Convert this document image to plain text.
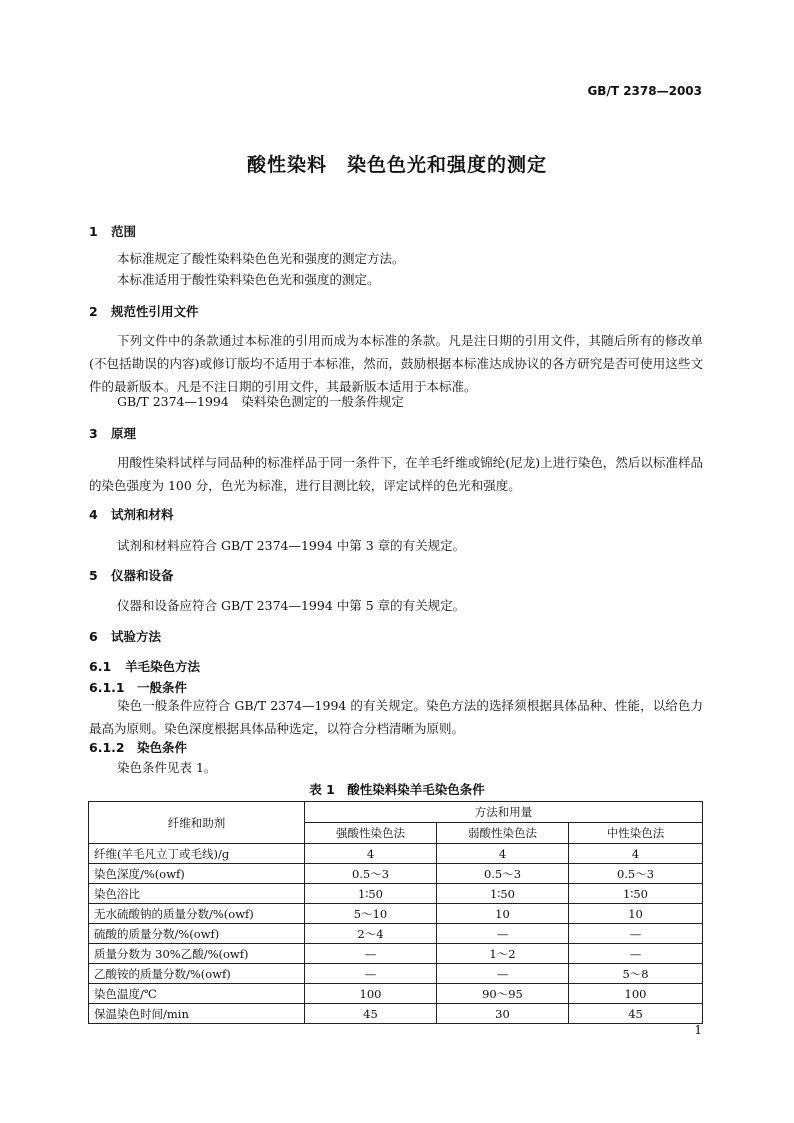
GB/T 2378—2003
酸性染料　染色色光和强度的测定
1 范围
本标准规定了酸性染料染色色光和强度的测定方法。
本标准适用于酸性染料染色色光和强度的测定。
2 规范性引用文件
下列文件中的条款通过本标准的引用而成为本标准的条款。凡是注日期的引用文件，其随后所有的修改单(不包括勘误的内容)或修订版均不适用于本标准，然而，鼓励根据本标准达成协议的各方研究是否可使用这些文件的最新版本。凡是不注日期的引用文件，其最新版本适用于本标准。
GB/T 2374—1994　染料染色测定的一般条件规定
3 原理
用酸性染料试样与同品种的标准样品于同一条件下，在羊毛纤维或锦纶(尼龙)上进行染色，然后以标准样品的染色强度为 100 分，色光为标准，进行目测比较，评定试样的色光和强度。
4 试剂和材料
试剂和材料应符合 GB/T 2374—1994 中第 3 章的有关规定。
5 仪器和设备
仪器和设备应符合 GB/T 2374—1994 中第 5 章的有关规定。
6 试验方法
6.1 羊毛染色方法
6.1.1 一般条件
染色一般条件应符合 GB/T 2374—1994 的有关规定。染色方法的选择须根据具体品种、性能，以给色力最高为原则。染色深度根据具体品种选定，以符合分档清晰为原则。
6.1.2 染色条件
染色条件见表 1。
表 1　酸性染料染羊毛染色条件
纤维和助剂	方法和用量		
	强酸性染色法	弱酸性染色法	中性染色法
纤维(羊毛凡立丁或毛线)/g	4	4	4
染色深度/%(owf)	0.5～3	0.5～3	0.5～3
染色浴比	1∶50	1∶50	1∶50
无水硫酸钠的质量分数/%(owf)	5～10	10	10
硫酸的质量分数/%(owf)	2～4	—	—
质量分数为 30%乙酸/%(owf)	—	1～2	—
乙酸铵的质量分数/%(owf)	—	—	5～8
染色温度/℃	100	90～95	100
保温染色时间/min	45	30	45
1
